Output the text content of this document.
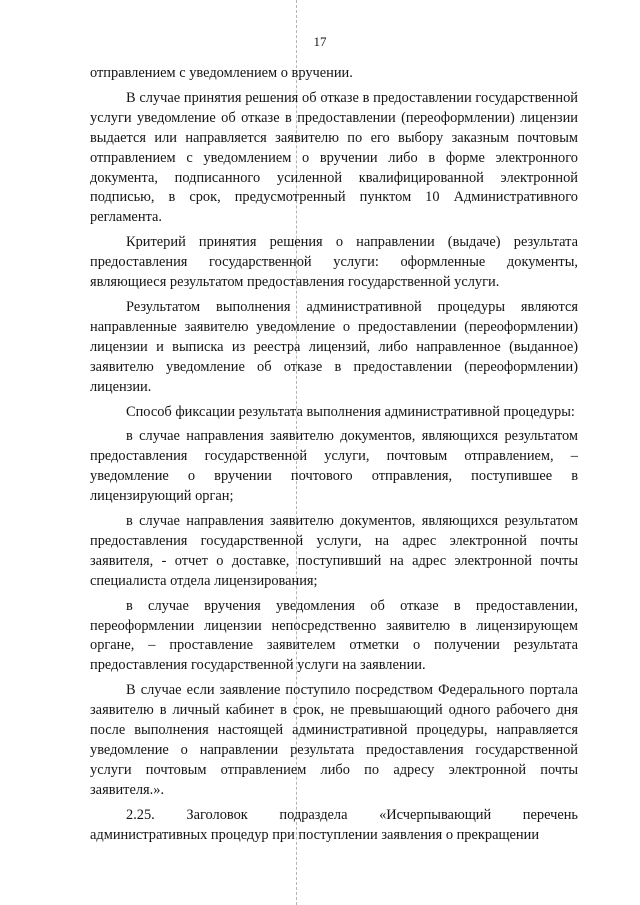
17

отправлением с уведомлением о вручении.

В случае принятия решения об отказе в предоставлении государственной услуги уведомление об отказе в предоставлении (переоформлении) лицензии выдается или направляется заявителю по его выбору заказным почтовым отправлением с уведомлением о вручении либо в форме электронного документа, подписанного усиленной квалифицированной электронной подписью, в срок, предусмотренный пунктом 10 Административного регламента.

Критерий принятия решения о направлении (выдаче) результата предоставления государственной услуги: оформленные документы, являющиеся результатом предоставления государственной услуги.

Результатом выполнения административной процедуры являются направленные заявителю уведомление о предоставлении (переоформлении) лицензии и выписка из реестра лицензий, либо направленное (выданное) заявителю уведомление об отказе в предоставлении (переоформлении) лицензии.

Способ фиксации результата выполнения административной процедуры:

в случае направления заявителю документов, являющихся результатом предоставления государственной услуги, почтовым отправлением, – уведомление о вручении почтового отправления, поступившее в лицензирующий орган;

в случае направления заявителю документов, являющихся результатом предоставления государственной услуги, на адрес электронной почты заявителя, - отчет о доставке, поступивший на адрес электронной почты специалиста отдела лицензирования;

в случае вручения уведомления об отказе в предоставлении, переоформлении лицензии непосредственно заявителю в лицензирующем органе, – проставление заявителем отметки о получении результата предоставления государственной услуги на заявлении.

В случае если заявление поступило посредством Федерального портала заявителю в личный кабинет в срок, не превышающий одного рабочего дня после выполнения настоящей административной процедуры, направляется уведомление о направлении результата предоставления государственной услуги почтовым отправлением либо по адресу электронной почты заявителя.».

2.25. Заголовок подраздела «Исчерпывающий перечень административных процедур при поступлении заявления о прекращении
